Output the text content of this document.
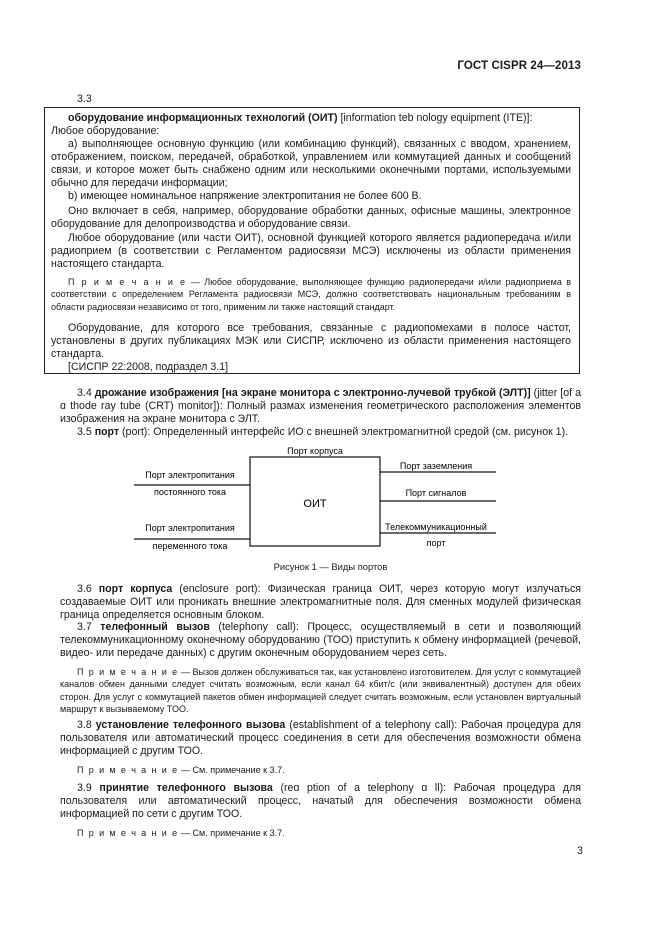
ГОСТ CISPR 24—2013
3.3
оборудование информационных технологий (ОИТ) [information teb nology equipment (ITE)]:
Любое оборудование:
а) выполняющее основную функцию (или комбинацию функций), связанных с вводом, хранением, отображением, поиском, передачей, обработкой, управлением или коммутацией данных и сообщений связи, и которое может быть снабжено одним или несколькими оконечными портами, используемыми обычно для передачи информации;
b) имеющее номинальное напряжение электропитания не более 600 В.
Оно включает в себя, например, оборудование обработки данных, офисные машины, электронное оборудование для делопроизводства и оборудование связи.
Любое оборудование (или части ОИТ), основной функцией которого является радиопередача и/или радиоприем (в соответствии с Регламентом радиосвязи МСЭ) исключены из области применения настоящего стандарта.
П р и м е ч а н и е — Любое оборудование, выполняющее функцию радиопередачи и/или радиоприема в соответствии с определением Регламента радиосвязи МСЭ, должно соответствовать национальным требованиям в области радиосвязи независимо от того, применим ли также настоящий стандарт.
Оборудование, для которого все требования, связанные с радиопомехами в полосе частот, установлены в других публикациях МЭК или СИСПР, исключено из области применения настоящего стандарта.
[СИСПР 22:2008, подраздел 3.1]
3.4 дрожание изображения [на экране монитора с электронно-лучевой трубкой (ЭЛТ)] (jitter [of a ɑ thode ray tube (CRT) monitor]): Полный размах изменения геометрического расположения элементов изображения на экране монитора с ЭЛТ.
3.5 порт (port): Определенный интерфейс ИО с внешней электромагнитной средой (см. рисунок 1).
Порт корпуса
ОИТ
Порт электропитания
постоянного тока
Порт электропитания
переменного тока
Порт заземления
Порт сигналов
Телекоммуникационный
порт
Рисунок 1 — Виды портов
3.6 порт корпуса (enclosure port): Физическая граница ОИТ, через которую могут излучаться создаваемые ОИТ или проникать внешние электромагнитные поля. Для сменных модулей физическая граница определяется основным блоком.
3.7 телефонный вызов (telephony call): Процесс, осуществляемый в сети и позволяющий телекоммуникационному оконечному оборудованию (ТОО) приступить к обмену информацией (речевой, видео- или передаче данных) с другим оконечным оборудованием через сеть.
П р и м е ч а н и е — Вызов должен обслуживаться так, как установлено изготовителем. Для услуг с коммутацией каналов обмен данными следует считать возможным, если канал 64 кбит/с (или эквивалентный) доступен для обеих сторон. Для услуг с коммутацией пакетов обмен информацией следует считать возможным, если установлен виртуальный маршрут к вызываемому ТОО.
3.8 установление телефонного вызова (establishment of a telephony call): Рабочая процедура для пользователя или автоматический процесс соединения в сети для обеспечения возможности обмена информацией с другим ТОО.
П р и м е ч а н и е — См. примечание к 3.7.
3.9 принятие телефонного вызова (reɑ ption of a telephony ɑ ll): Рабочая процедура для пользователя или автоматический процесс, начатый для обеспечения возможности обмена информацией по сети с другим ТОО.
П р и м е ч а н и е — См. примечание к 3.7.
3
